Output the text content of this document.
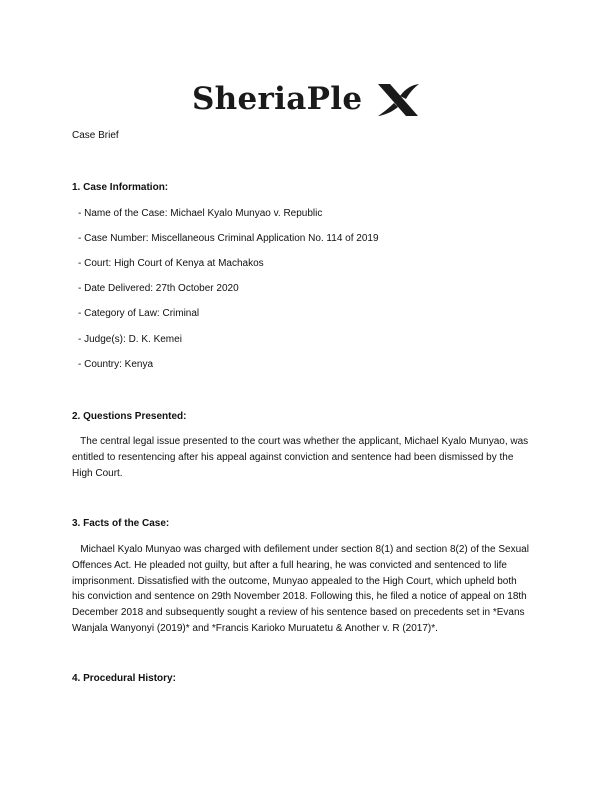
SheriaPle
Case Brief
1. Case Information:
- Name of the Case: Michael Kyalo Munyao v. Republic
- Case Number: Miscellaneous Criminal Application No. 114 of 2019
- Court: High Court of Kenya at Machakos
- Date Delivered: 27th October 2020
- Category of Law: Criminal
- Judge(s): D. K. Kemei
- Country: Kenya
2. Questions Presented:
The central legal issue presented to the court was whether the applicant, Michael Kyalo Munyao, was
entitled to resentencing after his appeal against conviction and sentence had been dismissed by the
High Court.
3. Facts of the Case:
Michael Kyalo Munyao was charged with defilement under section 8(1) and section 8(2) of the Sexual
Offences Act. He pleaded not guilty, but after a full hearing, he was convicted and sentenced to life
imprisonment. Dissatisfied with the outcome, Munyao appealed to the High Court, which upheld both
his conviction and sentence on 29th November 2018. Following this, he filed a notice of appeal on 18th
December 2018 and subsequently sought a review of his sentence based on precedents set in *Evans
Wanjala Wanyonyi (2019)* and *Francis Karioko Muruatetu & Another v. R (2017)*.
4. Procedural History:
